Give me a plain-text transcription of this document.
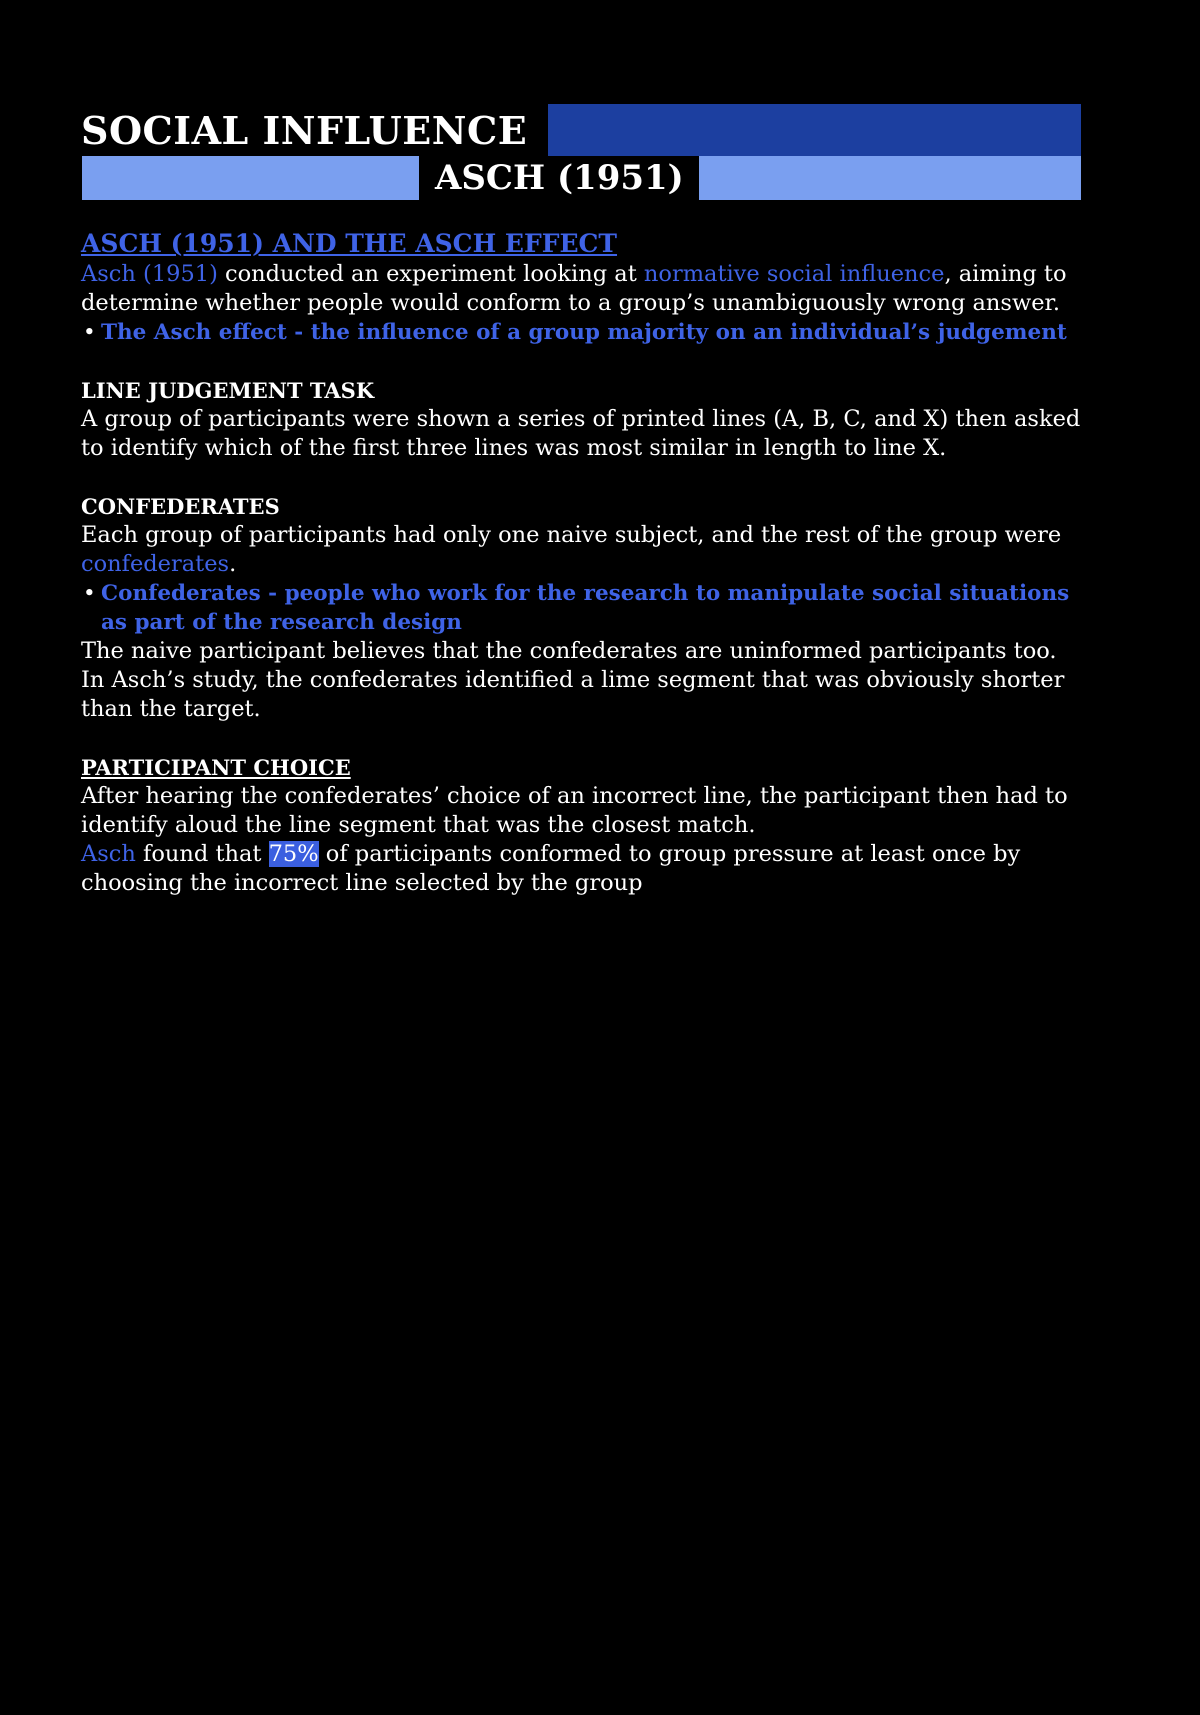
SOCIAL INFLUENCE
ASCH (1951)
ASCH (1951) AND THE ASCH EFFECT

Asch (1951) conducted an experiment looking at normative social influence, aiming to determine whether people would conform to a group’s unambiguously wrong answer.

• The Asch effect - the influence of a group majority on an individual’s judgement
LINE JUDGEMENT TASK

A group of participants were shown a series of printed lines (A, B, C, and X) then asked to identify which of the first three lines was most similar in length to line X.

CONFEDERATES

Each group of participants had only one naive subject, and the rest of the group were confederates.

• Confederates - people who work for the research to manipulate social situations as part of the research design

The naive participant believes that the confederates are uninformed participants too. In Asch’s study, the confederates identified a lime segment that was obviously shorter than the target.

PARTICIPANT CHOICE

After hearing the confederates’ choice of an incorrect line, the participant then had to identify aloud the line segment that was the closest match.

Asch found that 75% of participants conformed to group pressure at least once by choosing the incorrect line selected by the group
